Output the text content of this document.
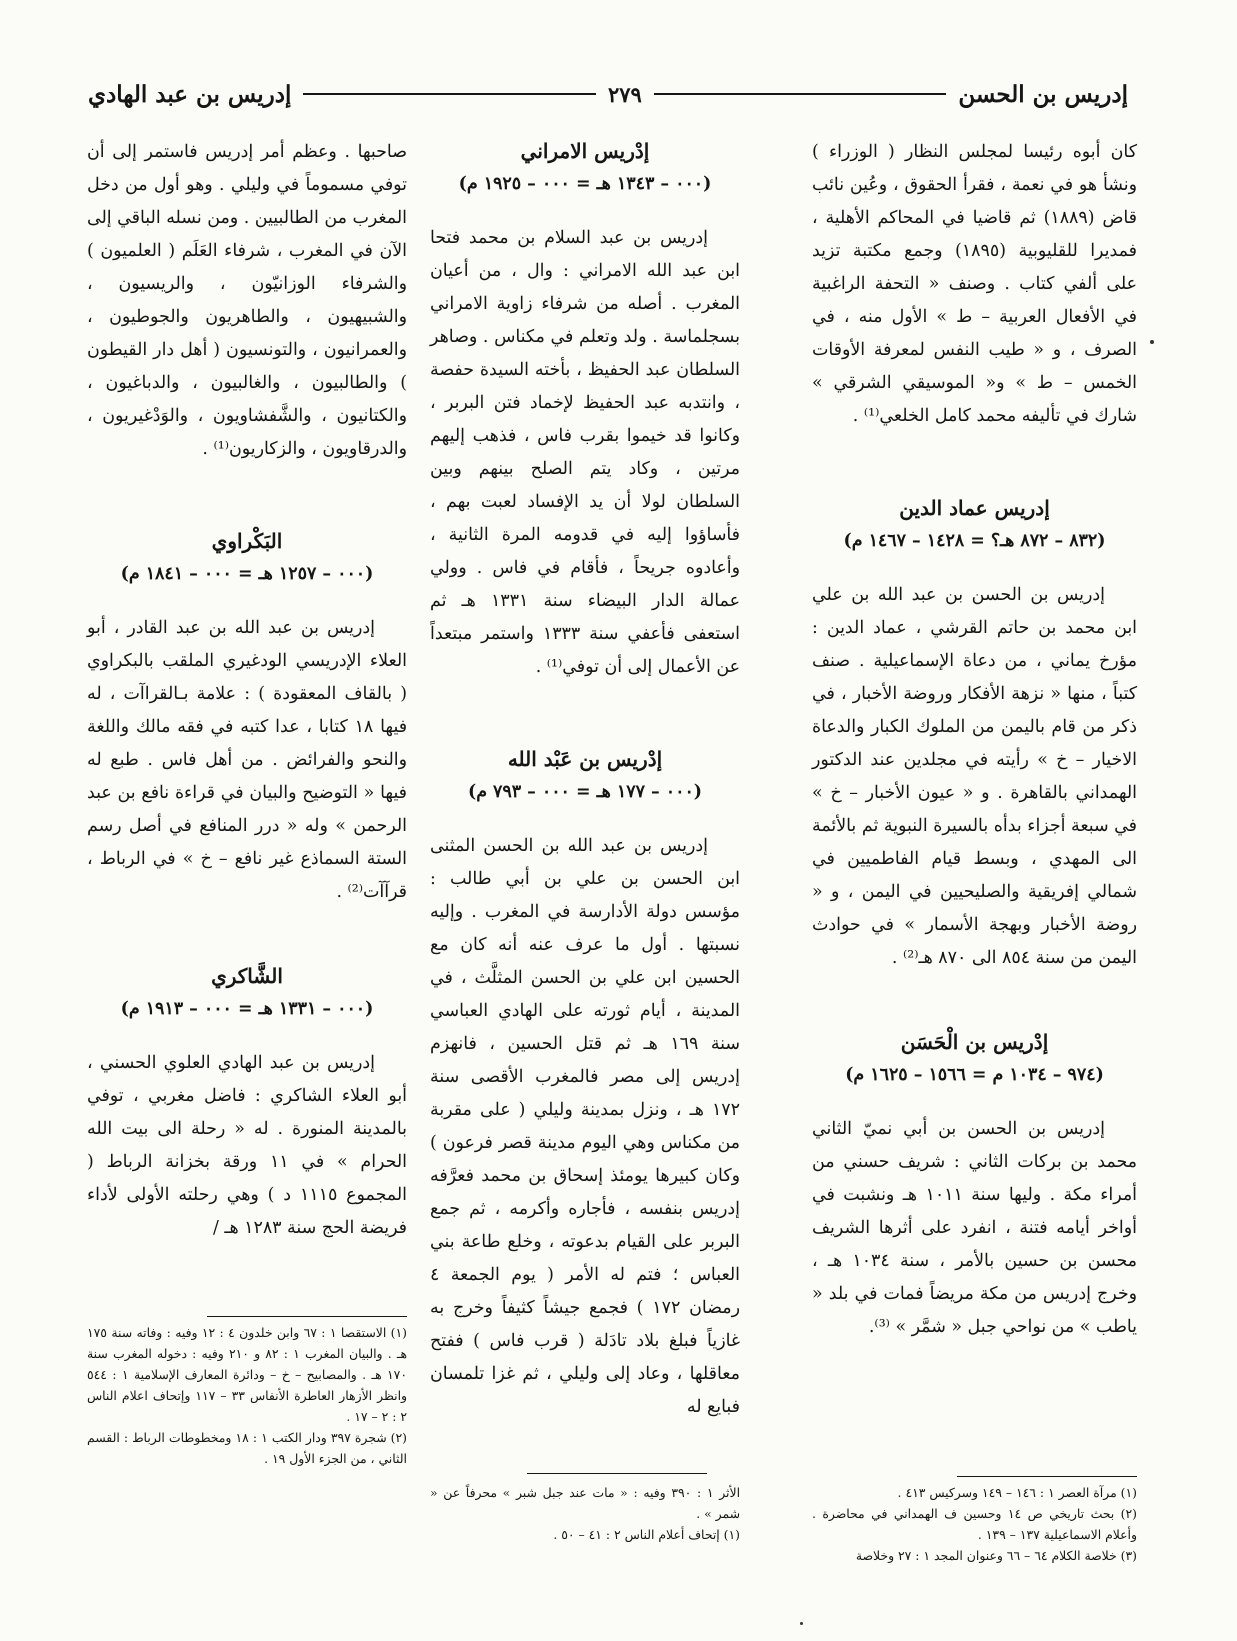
إدريس بن الحسن
٢٧٩
إدريس بن عبد الهادي

كان أبوه رئيسا لمجلس النظار ( الوزراء ) ونشأ هو في نعمة ، فقرأ الحقوق ، وعُين نائب قاض (١٨٨٩) ثم قاضيا في المحاكم الأهلية ، فمديرا للقليوبية (١٨٩٥) وجمع مكتبة تزيد على ألفي كتاب . وصنف « التحفة الراغبية في الأفعال العربية – ط » الأول منه ، في الصرف ، و « طيب النفس لمعرفة الأوقات الخمس – ط » و« الموسيقي الشرقي » شارك في تأليفه محمد كامل الخلعي⁽¹⁾ .

إدريس عماد الدين
(٨٣٢ – ٨٧٢ هـ؟ = ١٤٢٨ – ١٤٦٧ م)

إدريس بن الحسن بن عبد الله بن علي ابن محمد بن حاتم القرشي ، عماد الدين : مؤرخ يماني ، من دعاة الإسماعيلية . صنف كتباً ، منها « نزهة الأفكار وروضة الأخبار ، في ذكر من قام باليمن من الملوك الكبار والدعاة الاخيار – خ » رأيته في مجلدين عند الدكتور الهمداني بالقاهرة . و « عيون الأخبار – خ » في سبعة أجزاء بدأه بالسيرة النبوية ثم بالأئمة الى المهدي ، وبسط قيام الفاطميين في شمالي إفريقية والصليحيين في اليمن ، و « روضة الأخبار وبهجة الأسمار » في حوادث اليمن من سنة ٨٥٤ الى ٨٧٠ هـ⁽²⁾ .

إدْريس بن الْحَسَن
(٩٧٤ – ١٠٣٤ م = ١٥٦٦ – ١٦٢٥ م)

إدريس بن الحسن بن أبي نميّ الثاني محمد بن بركات الثاني : شريف حسني من أمراء مكة . وليها سنة ١٠١١ هـ ونشبت في أواخر أيامه فتنة ، انفرد على أثرها الشريف محسن بن حسين بالأمر ، سنة ١٠٣٤ هـ ، وخرج إدريس من مكة مريضاً فمات في بلد « ياطب » من نواحي جبل « شمَّر » ⁽³⁾.

إدْريس الامراني
(٠٠٠ – ١٣٤٣ هـ = ٠٠٠ – ١٩٢٥ م)

إدريس بن عبد السلام بن محمد فتحا ابن عبد الله الامراني : وال ، من أعيان المغرب . أصله من شرفاء زاوية الامراني بسجلماسة . ولد وتعلم في مكناس . وصاهر السلطان عبد الحفيظ ، بأخته السيدة حفصة ، وانتدبه عبد الحفيظ لإخماد فتن البربر ، وكانوا قد خيموا بقرب فاس ، فذهب إليهم مرتين ، وكاد يتم الصلح بينهم وبين السلطان لولا أن يد الإفساد لعبت بهم ، فأساؤوا إليه في قدومه المرة الثانية ، وأعادوه جريحاً ، فأقام في فاس . وولي عمالة الدار البيضاء سنة ١٣٣١ هـ ثم استعفى فأعفي سنة ١٣٣٣ واستمر مبتعداً عن الأعمال إلى أن توفي⁽¹⁾ .

إدْريس بن عَبْد الله
(٠٠٠ – ١٧٧ هـ = ٠٠٠ – ٧٩٣ م)

إدريس بن عبد الله بن الحسن المثنى ابن الحسن بن علي بن أبي طالب : مؤسس دولة الأدارسة في المغرب . وإليه نسبتها . أول ما عرف عنه أنه كان مع الحسين ابن علي بن الحسن المثلَّث ، في المدينة ، أيام ثورته على الهادي العباسي سنة ١٦٩ هـ ثم قتل الحسين ، فانهزم إدريس إلى مصر فالمغرب الأقصى سنة ١٧٢ هـ ، ونزل بمدينة وليلي ( على مقربة من مكناس وهي اليوم مدينة قصر فرعون ) وكان كبيرها يومئذ إسحاق بن محمد فعرَّفه إدريس بنفسه ، فأجاره وأكرمه ، ثم جمع البربر على القيام بدعوته ، وخلع طاعة بني العباس ؛ فتم له الأمر ( يوم الجمعة ٤ رمضان ١٧٢ ) فجمع جيشاً كثيفاً وخرج به غازياً فبلغ بلاد تادَلة ( قرب فاس ) ففتح معاقلها ، وعاد إلى وليلي ، ثم غزا تلمسان فبايع له

صاحبها . وعظم أمر إدريس فاستمر إلى أن توفي مسموماً في وليلي . وهو أول من دخل المغرب من الطالبيين . ومن نسله الباقي إلى الآن في المغرب ، شرفاء العَلَم ( العلميون ) والشرفاء الوزانيّون ، والريسيون ، والشبيهيون ، والطاهريون والجوطيون ، والعمرانيون ، والتونسيون ( أهل دار القيطون ) والطالبيون ، والغالبيون ، والدباغيون ، والكتانيون ، والشَّفشاويون ، والوَدْغيريون ، والدرقاويون ، والزكاريون⁽¹⁾ .

البَكْراوي
(٠٠٠ – ١٢٥٧ هـ = ٠٠٠ – ١٨٤١ م)

إدريس بن عبد الله بن عبد القادر ، أبو العلاء الإدريسي الودغيري الملقب بالبكراوي ( بالقاف المعقودة ) : علامة بـالقراآت ، له فيها ١٨ كتابا ، عدا كتبه في فقه مالك واللغة والنحو والفرائض . من أهل فاس . طبع له فيها « التوضيح والبيان في قراءة نافع بن عبد الرحمن » وله « درر المنافع في أصل رسم الستة السماذع غير نافع – خ » في الرباط ، قرآآت⁽²⁾ .

الشَّاكري
(٠٠٠ – ١٣٣١ هـ = ٠٠٠ – ١٩١٣ م)

إدريس بن عبد الهادي العلوي الحسني ، أبو العلاء الشاكري : فاضل مغربي ، توفي بالمدينة المنورة . له « رحلة الى بيت الله الحرام » في ١١ ورقة بخزانة الرباط ( المجموع ١١١٥ د ) وهي رحلته الأولى لأداء فريضة الحج سنة ١٢٨٣ هـ /

(١) مرآة العصر ١ : ١٤٦ – ١٤٩ وسركيس ٤١٣ .

(٢) بحث تاريخي ص ١٤ وحسين ف الهمداني في محاضرة . وأعلام الاسماعيلية ١٣٧ – ١٣٩ .

(٣) خلاصة الكلام ٦٤ – ٦٦ وعنوان المجد ١ : ٢٧ وخلاصة

الأثر ١ : ٣٩٠ وفيه : « مات عند جبل شبر » محرفاً عن « شمر » .

(١) إتحاف أعلام الناس ٢ : ٤١ – ٥٠ .

(١) الاستقصا ١ : ٦٧ وابن خلدون ٤ : ١٢ وفيه : وفاته سنة ١٧٥ هـ . والبيان المغرب ١ : ٨٢ و ٢١٠ وفيه : دخوله المغرب سنة ١٧٠ هـ . والمصابيح – خ – ودائرة المعارف الإسلامية ١ : ٥٤٤ وانظر الأزهار العاطرة الأنفاس ٣٣ – ١١٧ وإتحاف اعلام الناس ٢ : ٢ – ١٧ .

(٢) شجرة ٣٩٧ ودار الكتب ١ : ١٨ ومخطوطات الرباط : القسم الثاني ، من الجزء الأول ١٩ .
